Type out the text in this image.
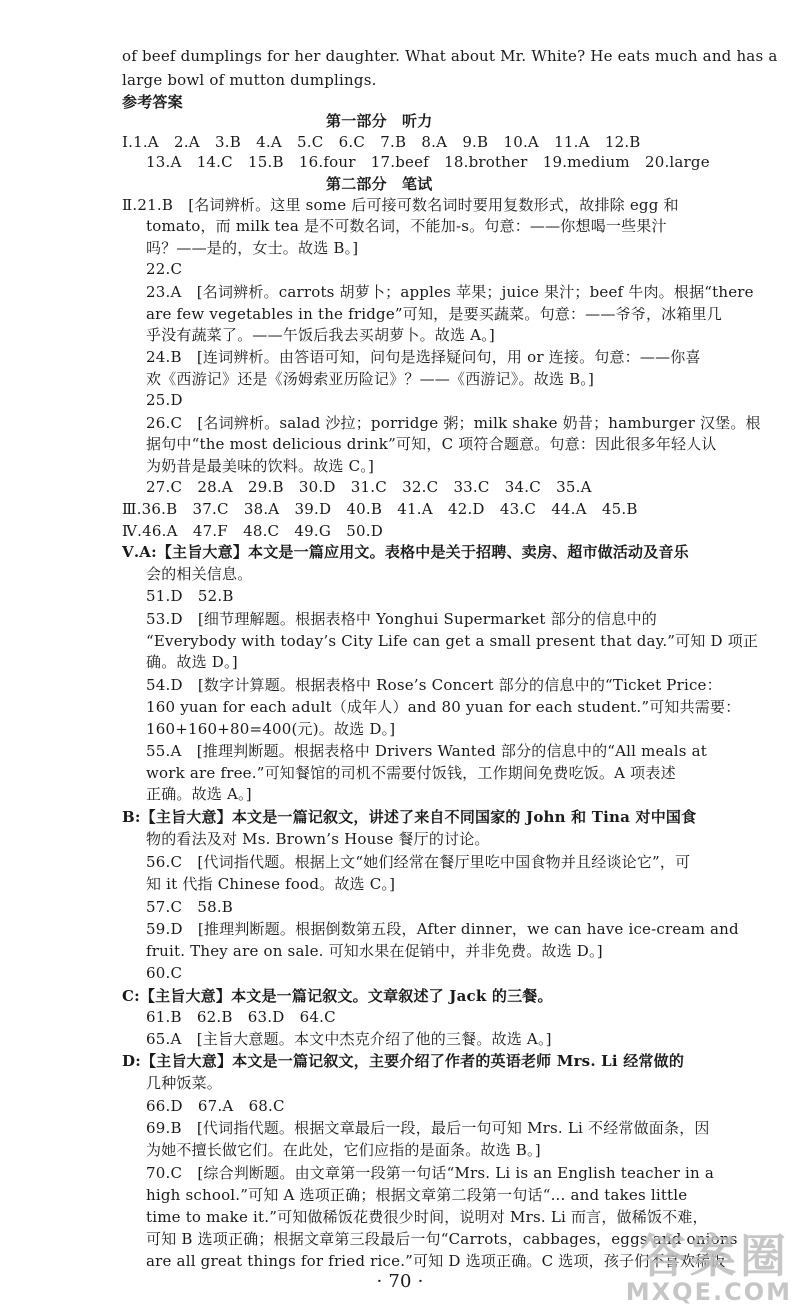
of beef dumplings for her daughter. What about Mr. White? He eats much and has a
large bowl of mutton dumplings.
参考答案
第一部分　听力
Ⅰ.1.A　2.A　3.B　4.A　5.C　6.C　7.B　8.A　9.B　10.A　11.A　12.B
13.A　14.C　15.B　16.four　17.beef　18.brother　19.medium　20.large
第二部分　笔试
Ⅱ.21.B　[名词辨析。这里 some 后可接可数名词时要用复数形式，故排除 egg 和
tomato，而 milk tea 是不可数名词，不能加-s。句意：——你想喝一些果汁
吗？——是的，女士。故选 B。]
22.C
23.A　[名词辨析。carrots 胡萝卜；apples 苹果；juice 果汁；beef 牛肉。根据“there
are few vegetables in the fridge”可知，是要买蔬菜。句意：——爷爷，冰箱里几
乎没有蔬菜了。——午饭后我去买胡萝卜。故选 A。]
24.B　[连词辨析。由答语可知，问句是选择疑问句，用 or 连接。句意：——你喜
欢《西游记》还是《汤姆索亚历险记》？——《西游记》。故选 B。]
25.D
26.C　[名词辨析。salad 沙拉；porridge 粥；milk shake 奶昔；hamburger 汉堡。根
据句中“the most delicious drink”可知，C 项符合题意。句意：因此很多年轻人认
为奶昔是最美味的饮料。故选 C。]
27.C　28.A　29.B　30.D　31.C　32.C　33.C　34.C　35.A
Ⅲ.36.B　37.C　38.A　39.D　40.B　41.A　42.D　43.C　44.A　45.B
Ⅳ.46.A　47.F　48.C　49.G　50.D
Ⅴ.A:【主旨大意】本文是一篇应用文。表格中是关于招聘、卖房、超市做活动及音乐
会的相关信息。
51.D　52.B
53.D　[细节理解题。根据表格中 Yonghui Supermarket 部分的信息中的
“Everybody with today’s City Life can get a small present that day.”可知 D 项正
确。故选 D。]
54.D　[数字计算题。根据表格中 Rose’s Concert 部分的信息中的“Ticket Price：
160 yuan for each adult（成年人）and 80 yuan for each student.”可知共需要：
160+160+80=400(元)。故选 D。]
55.A　[推理判断题。根据表格中 Drivers Wanted 部分的信息中的“All meals at
work are free.”可知餐馆的司机不需要付饭钱，工作期间免费吃饭。A 项表述
正确。故选 A。]
B:【主旨大意】本文是一篇记叙文，讲述了来自不同国家的 John 和 Tina 对中国食
物的看法及对 Ms. Brown’s House 餐厅的讨论。
56.C　[代词指代题。根据上文“她们经常在餐厅里吃中国食物并且经谈论它”，可
知 it 代指 Chinese food。故选 C。]
57.C　58.B
59.D　[推理判断题。根据倒数第五段，After dinner，we can have ice-cream and
fruit. They are on sale. 可知水果在促销中，并非免费。故选 D。]
60.C
C:【主旨大意】本文是一篇记叙文。文章叙述了 Jack 的三餐。
61.B　62.B　63.D　64.C
65.A　[主旨大意题。本文中杰克介绍了他的三餐。故选 A。]
D:【主旨大意】本文是一篇记叙文，主要介绍了作者的英语老师 Mrs. Li 经常做的
几种饭菜。
66.D　67.A　68.C
69.B　[代词指代题。根据文章最后一段，最后一句可知 Mrs. Li 不经常做面条，因
为她不擅长做它们。在此处，它们应指的是面条。故选 B。]
70.C　[综合判断题。由文章第一段第一句话“Mrs. Li is an English teacher in a
high school.”可知 A 选项正确；根据文章第二段第一句话“... and takes little
time to make it.”可知做稀饭花费很少时间，说明对 Mrs. Li 而言，做稀饭不难，
可知 B 选项正确；根据文章第三段最后一句“Carrots，cabbages，eggs and onions
are all great things for fried rice.”可知 D 选项正确。C 选项，孩子们不喜欢稀饭
· 70 ·	答案圈
MXQE.COM
